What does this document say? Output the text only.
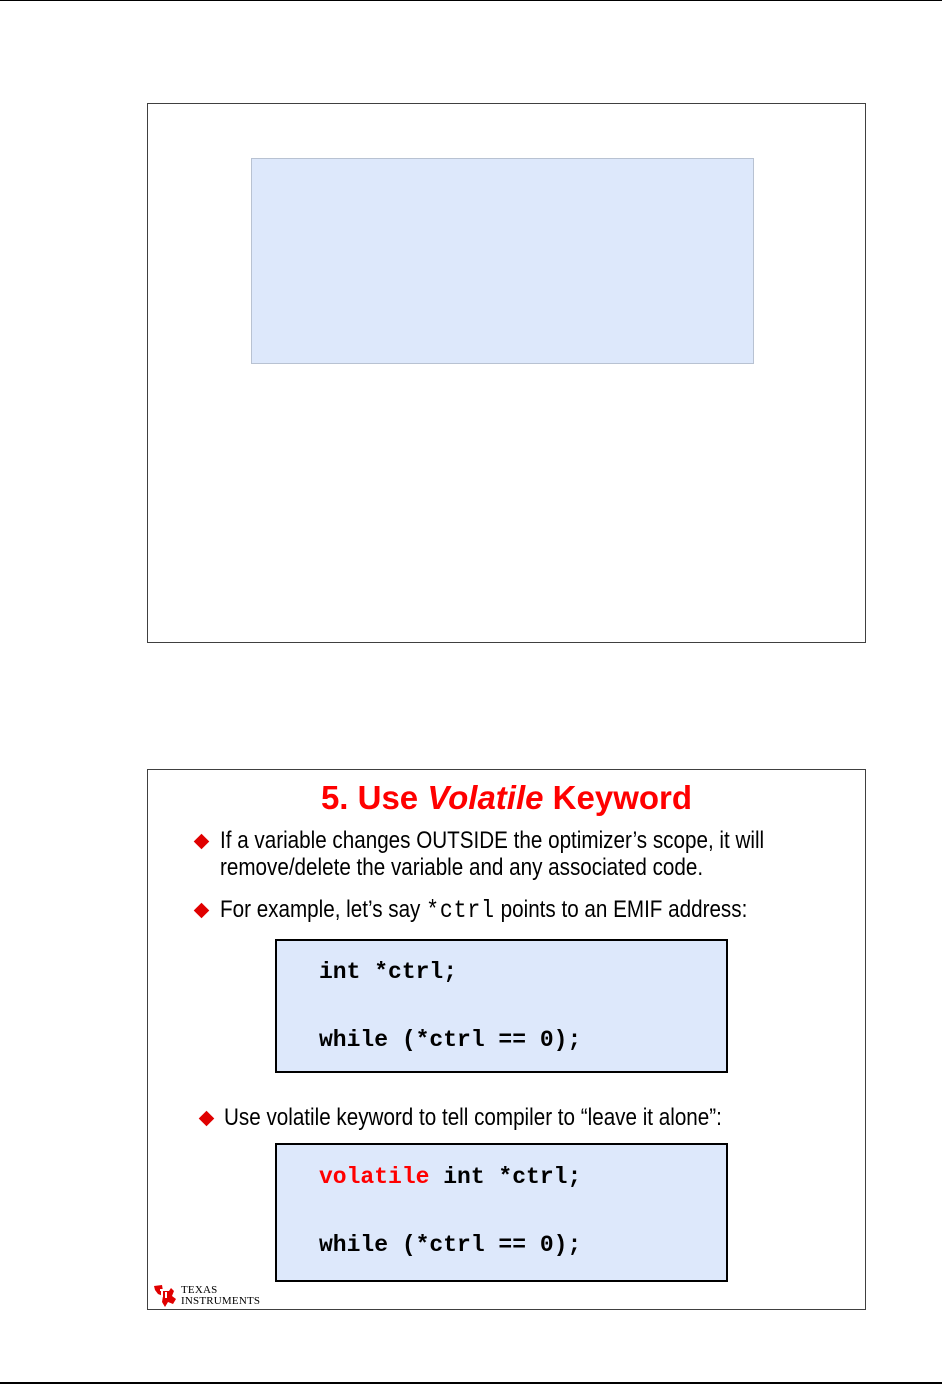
5. Use Volatile Keyword
If a variable changes OUTSIDE the optimizer’s scope, it will
remove/delete the variable and any associated code.
For example, let’s say *ctrl points to an EMIF address:
int *ctrl;
while (*ctrl == 0);
Use volatile keyword to tell compiler to “leave it alone”:
volatile int *ctrl;
while (*ctrl == 0);
TEXAS
INSTRUMENTS
